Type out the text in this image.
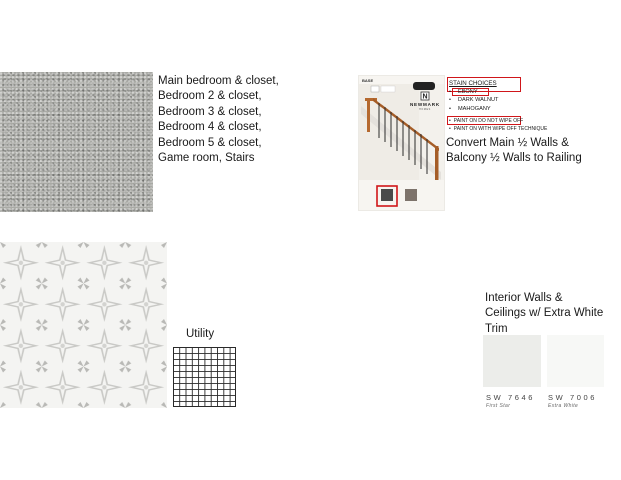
Main bedroom & closet,
Bedroom 2 & closet,
Bedroom 3 & closet,
Bedroom 4 & closet,
Bedroom 5 & closet,
Game room, Stairs
N
NEWMARK
HOMES
BASE	STAIN CHOICES
• EBONY
• DARK WALNUT
• MAHOGANY
• PAINT ON DO NOT WIPE OFF
• PAINT ON WITH WIPE OFF TECHNIQUE
Convert Main ½ Walls &
Balcony ½ Walls to Railing
Utility
Interior Walls &
Ceilings w/ Extra White
Trim
SW 7646
First Star
SW 7006
Extra White
